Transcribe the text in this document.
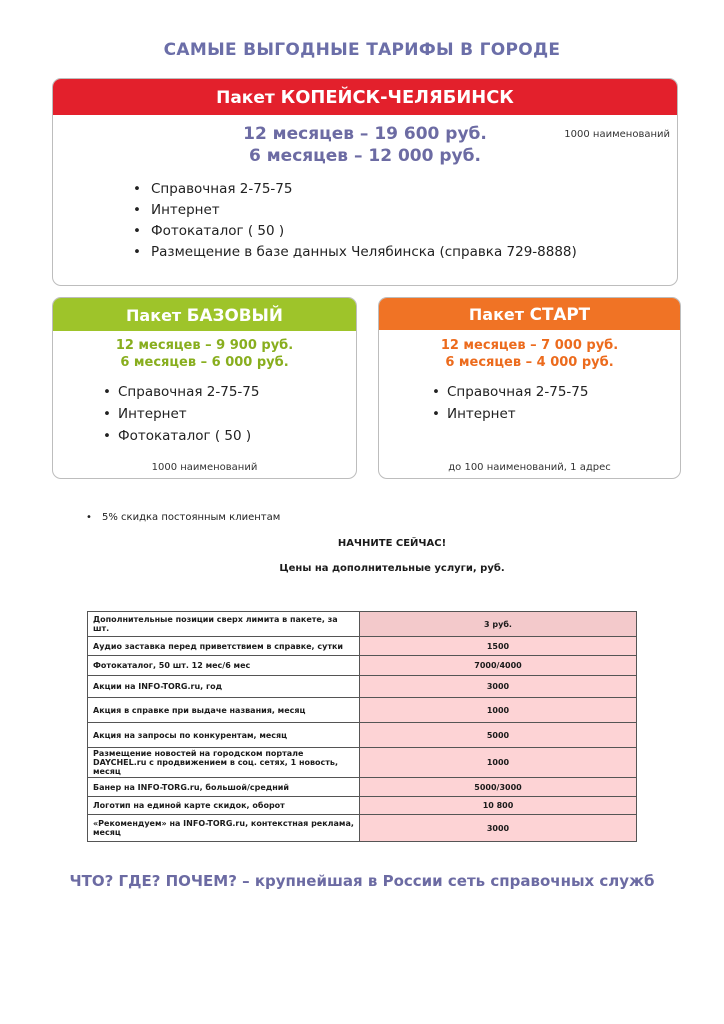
САМЫЕ ВЫГОДНЫЕ ТАРИФЫ В ГОРОДЕ
Пакет КОПЕЙСК-ЧЕЛЯБИНСК
12 месяцев – 19 600 руб.
6 месяцев – 12 000 руб.
1000 наименований
• Справочная 2-75-75
• Интернет
• Фотокаталог ( 50 )
• Размещение в базе данных Челябинска (справка 729-8888)
Пакет БАЗОВЫЙ
12 месяцев – 9 900 руб.
6 месяцев – 6 000 руб.
• Справочная 2-75-75
• Интернет
• Фотокаталог ( 50 )
1000 наименований
Пакет СТАРТ
12 месяцев – 7 000 руб.
6 месяцев – 4 000 руб.
• Справочная 2-75-75
• Интернет
до 100 наименований, 1 адрес
• 5% скидка постоянным клиентам
НАЧНИТЕ СЕЙЧАС!
Цены на дополнительные услуги, руб.
Дополнительные позиции сверх лимита в пакете, за шт.	3 руб.
Аудио заставка перед приветствием в справке, сутки	1500
Фотокаталог, 50 шт. 12 мес/6 мес	7000/4000
Акции на INFO-TORG.ru, год	3000
Акция в справке при выдаче названия, месяц	1000
Акция на запросы по конкурентам, месяц	5000
Размещение новостей на городском портале DAYCHEL.ru с продвижением в соц. сетях, 1 новость, месяц	1000
Банер на INFO-TORG.ru, большой/средний	5000/3000
Логотип на единой карте скидок, оборот	10 800
«Рекомендуем» на INFO-TORG.ru, контекстная реклама, месяц	3000
ЧТО? ГДЕ? ПОЧЕМ? – крупнейшая в России сеть справочных служб
